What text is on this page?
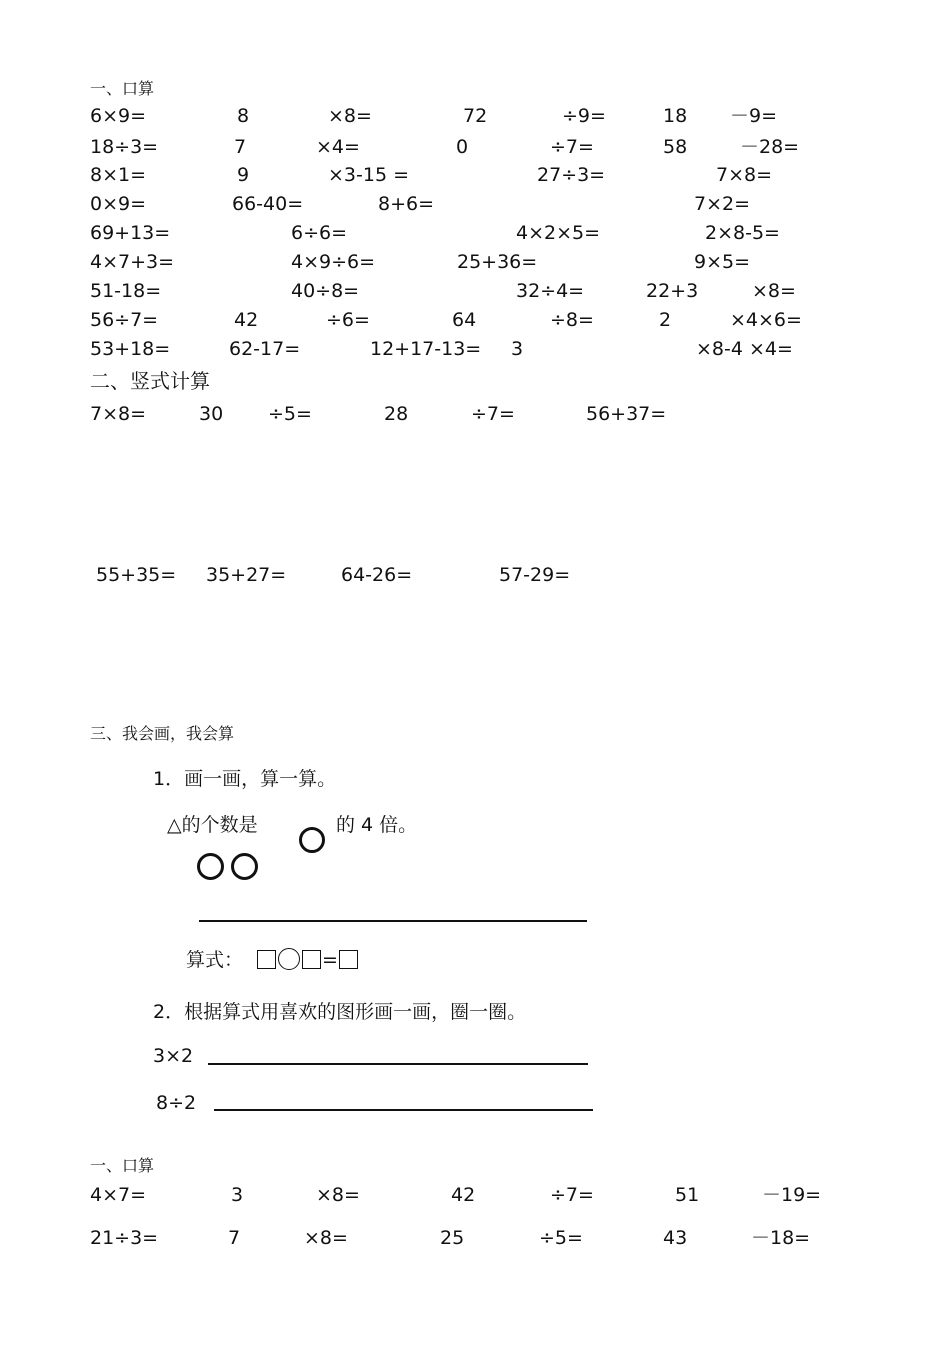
一、口算
6×9=	8	×8=	72	÷9=	18 －9=
18÷3=	7	×4=	0	÷7=	58	－28=
8×1=	9	×3-15 =	27÷3=	7×8=
0×9=	66-40=	8+6=	7×2=
69+13=	6÷6=	4×2×5=	2×8-5=
4×7+3=	4×9÷6=	25+36=	9×5=
51-18=	40÷8=	32÷4=	22+3	×8=
56÷7=	42	÷6=	64	÷8=	2	×4×6=
53+18=	62-17=	12+17-13= 3	×8-4 ×4=
二、竖式计算
7×8=	30 ÷5=	28	÷7=	56+37=
55+35= 35+27=	64-26=	57-29=
三、我会画，我会算
1．画一画，算一算。
△的个数是	的 4 倍。
算式：	=
2．根据算式用喜欢的图形画一画，圈一圈。
3×2
8÷2
一、口算
4×7=	3	×8=	42	÷7=	51	－19=
21÷3=	7	×8=	25	÷5=	43	－18=
